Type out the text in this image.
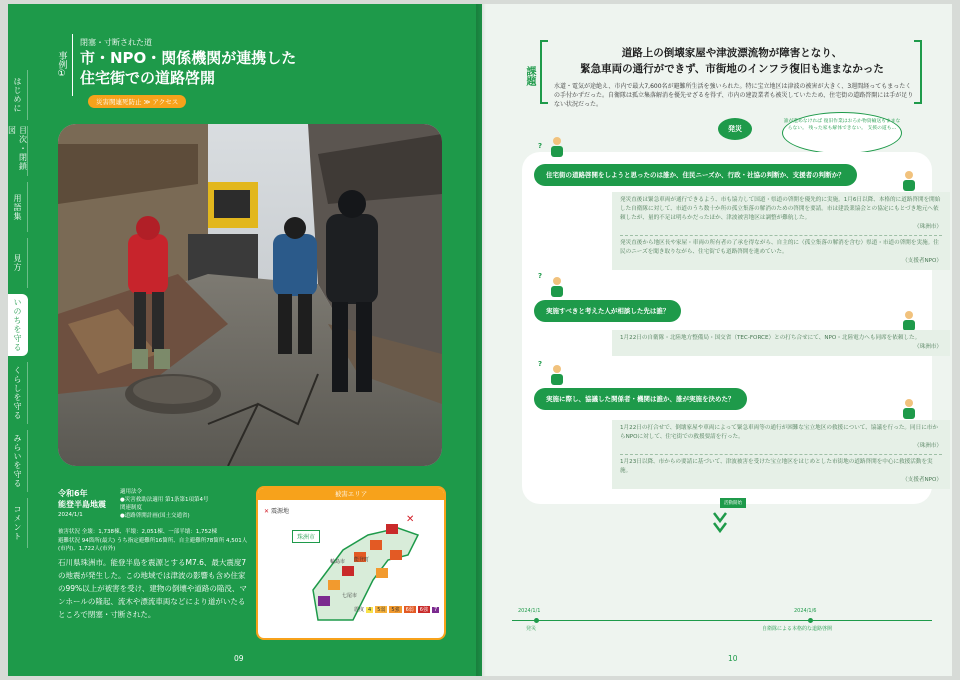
はじめに
目次・閉鎖図
用語集
見方
いのちを守る
くらしを守る
みらいを守る
コメント
事例①
閉塞・寸断された道
市・NPO・関係機関が連携した
住宅街での道路啓開
災害関連死防止 ≫ アクセス
令和6年
能登半島地震
2024/1/1
適用法令
●災害救助法適用 第1条第1項第4号
関連制度
●道路啓開計画(国土交通省)
被害状況 全壊：1,738棟、半壊：2,051棟、一部半壊：1,752棟
避難状況 94箇所(最大) うち指定避難所16箇所、自主避難所78箇所 4,501人(市内)、1,722人(市外)
石川県珠洲市。能登半島を震源とするM7.6、最大震度7の地震が発生した。この地域では津波の影響も含め住家の99%以上が被害を受け、建物の倒壊や道路の陥没、マンホールの隆起、流木や漂流車両などにより道がいたるところで閉塞・寸断された。
被害エリア
✕ 震源地
✕
珠洲市
輪島市 能登町
七尾市
震度 4	5弱	5強	6弱	6強	7
09
課題
道路上の倒壊家屋や津波漂流物が障害となり、
緊急車両の通行ができず、市街地のインフラ復旧も進まなかった
水道・電気が途絶え、市内で最大7,600名が避難所生活を強いられた。特に宝立地区は津波の被害が大きく、3週間経ってもまったくの手付かずだった。自衛隊は孤立集落解消を優先せざるを得ず、市内の建設業者も被災していたため、住宅街の道路啓開には手が足りない状況だった。
発災
誰が進めなければ 復旧作業はおろか物資輸送もままならない。 残った家も解体できない。 支援の道も…
?
住宅街の道路啓開をしようと思ったのは誰か、住民ニーズか、行政・社協の判断か、支援者の判断か？
発災直後は緊急車両が通行できるよう、市も協力して国道・県道の啓開を優先的に実施。1月6日以降、本格的に道路啓開を開始した自衛隊に対して、市道のうち数十か所の孤立集落の解消のための啓開を要請。市は建設業協会との協定にもとづき地元へ依頼したが、量的不足は明らかだったほか、津波被害地区は調整が難航した。
（珠洲市）
発災直後から地区長や家屋・車両の所有者の了承を得ながら、自主的に（孤立集落の解消を含む）県道・市道の啓開を実施。住民のニーズを聞き取りながら、住宅街でも道路啓開を進めていた。
（支援者NPO）
?
実施すべきと考えた人が相談した先は誰？
1月22日の自衛隊・北陸地方整備局・国交省（TEC-FORCE）との打ち合せにて、NPO・北陸電力へも同席を依頼した。
（珠洲市）
?
実施に際し、協議した関係者・機関は誰か、誰が実施を決めた？
1月22日の打合せで、倒壊家屋や車両によって緊急車両等の通行が困難な宝立地区の救援について、協議を行った。同日に市からNPOに対して、住宅街での救援要請を行った。
（珠洲市）
1月23日以降、市からの要請に基づいて、津波被害を受けた宝立地区をはじめとした市街地の道路啓開を中心に救援活動を実施。
（支援者NPO）
活動開始
2024/1/1
発災
2024/1/6
自衛隊による本格的な道路啓開
10
